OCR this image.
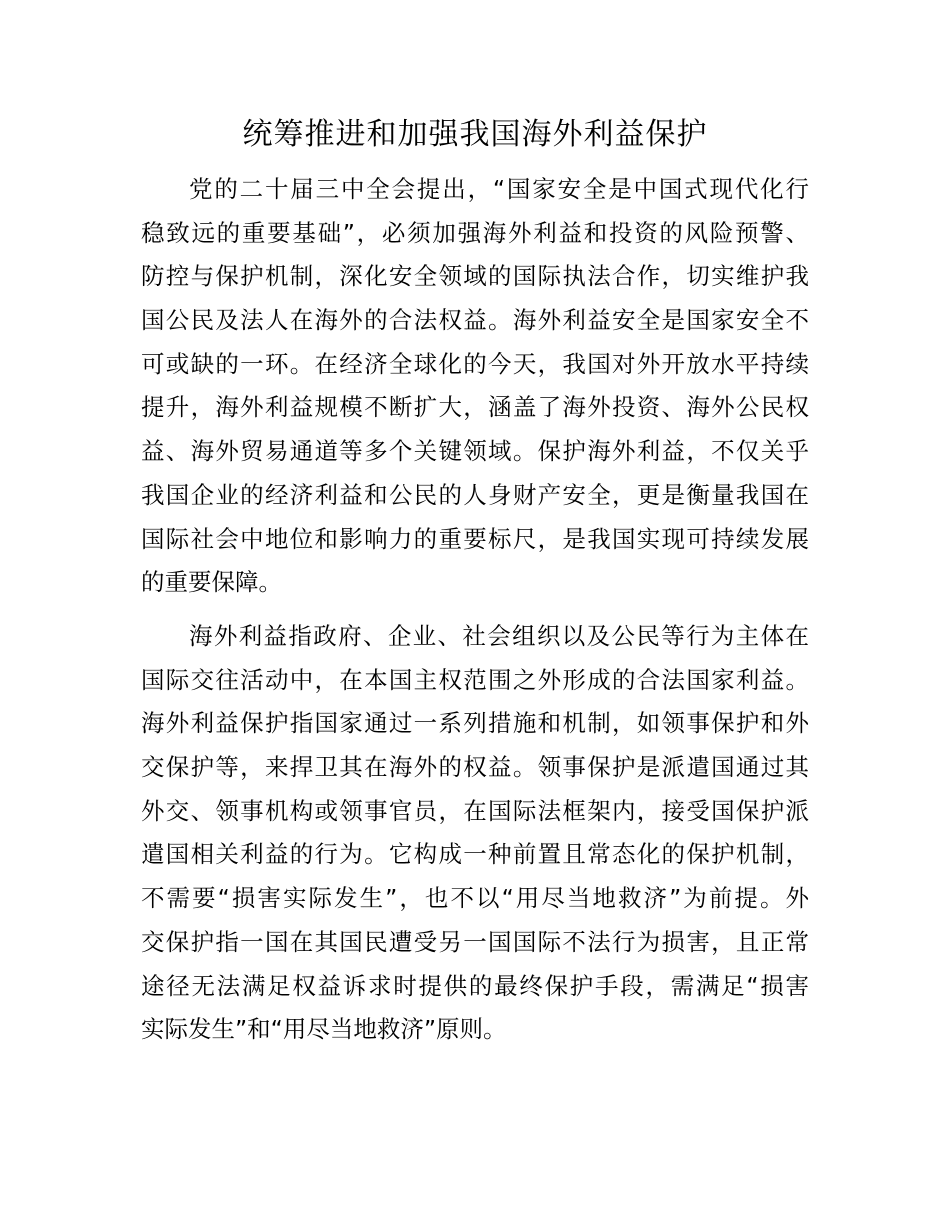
统筹推进和加强我国海外利益保护
党的二十届三中全会提出，“国家安全是中国式现代化行
稳致远的重要基础”，必须加强海外利益和投资的风险预警、
防控与保护机制，深化安全领域的国际执法合作，切实维护我
国公民及法人在海外的合法权益。海外利益安全是国家安全不
可或缺的一环。在经济全球化的今天，我国对外开放水平持续
提升，海外利益规模不断扩大，涵盖了海外投资、海外公民权
益、海外贸易通道等多个关键领域。保护海外利益，不仅关乎
我国企业的经济利益和公民的人身财产安全，更是衡量我国在
国际社会中地位和影响力的重要标尺，是我国实现可持续发展
的重要保障。
海外利益指政府、企业、社会组织以及公民等行为主体在
国际交往活动中，在本国主权范围之外形成的合法国家利益。
海外利益保护指国家通过一系列措施和机制，如领事保护和外
交保护等，来捍卫其在海外的权益。领事保护是派遣国通过其
外交、领事机构或领事官员，在国际法框架内，接受国保护派
遣国相关利益的行为。它构成一种前置且常态化的保护机制，
不需要“损害实际发生”，也不以“用尽当地救济”为前提。外
交保护指一国在其国民遭受另一国国际不法行为损害，且正常
途径无法满足权益诉求时提供的最终保护手段，需满足“损害
实际发生”和“用尽当地救济”原则。
